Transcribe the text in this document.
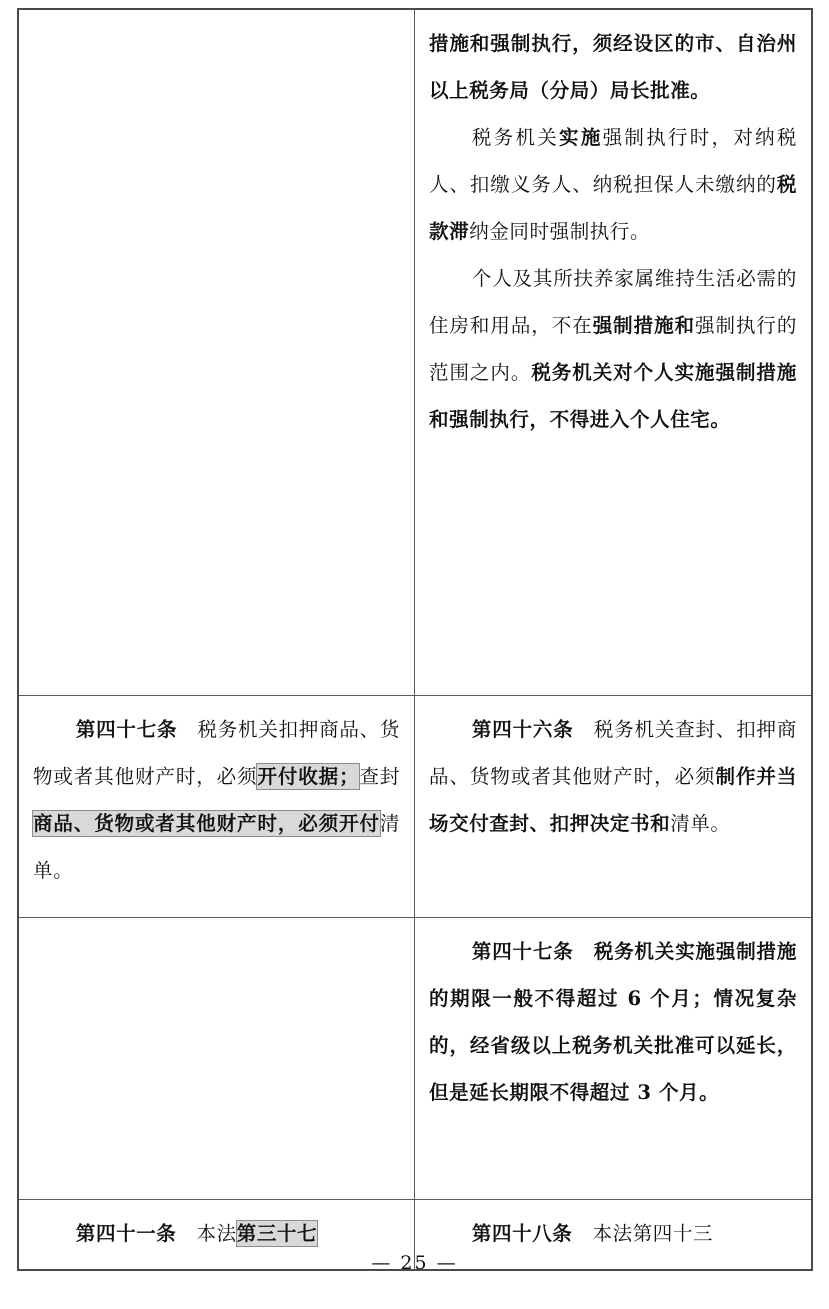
措施和强制执行，须经设区的市、自治州以上税务局（分局）局长批准。

税务机关实施强制执行时，对纳税人、扣缴义务人、纳税担保人未缴纳的税款滞纳金同时强制执行。

个人及其所扶养家属维持生活必需的住房和用品，不在强制措施和强制执行的范围之内。税务机关对个人实施强制措施和强制执行，不得进入个人住宅。

第四十七条　税务机关扣押商品、货物或者其他财产时，必须开付收据；查封商品、货物或者其他财产时，必须开付清单。

第四十六条　税务机关查封、扣押商品、货物或者其他财产时，必须制作并当场交付查封、扣押决定书和清单。

第四十七条　税务机关实施强制措施的期限一般不得超过 6 个月；情况复杂的，经省级以上税务机关批准可以延长，但是延长期限不得超过 3 个月。

第四十一条　本法第三十七	第四十八条　本法第四十三

— 25 —
